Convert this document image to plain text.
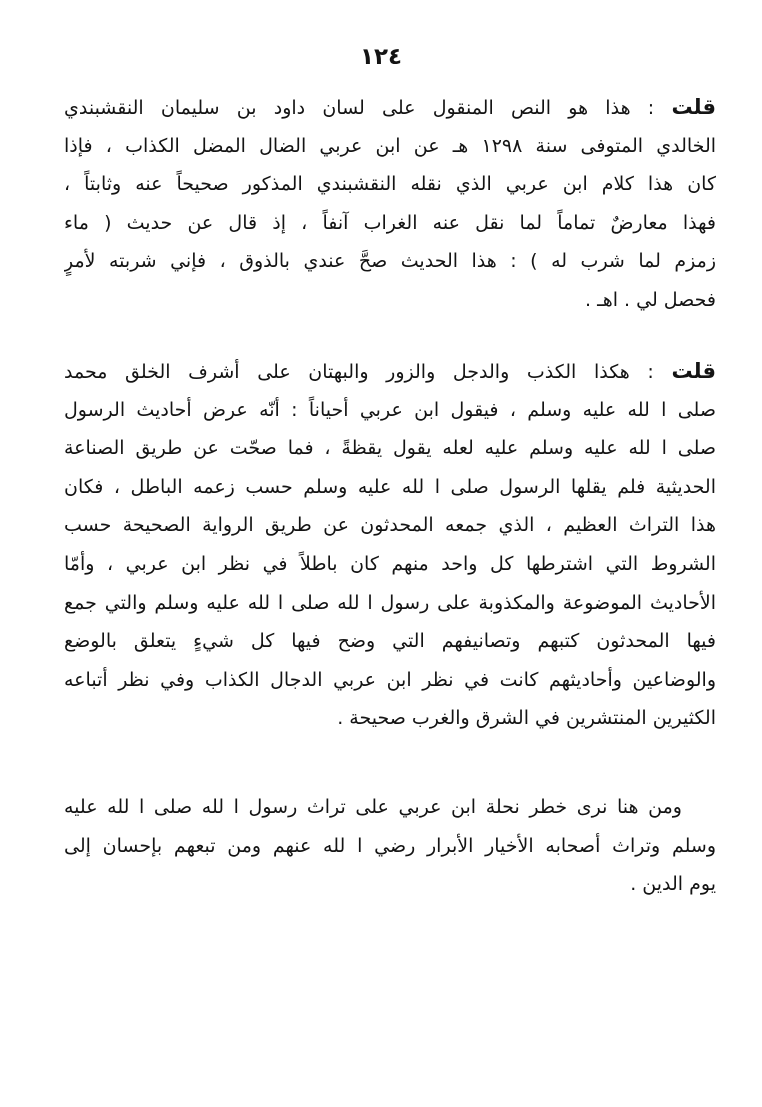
١٢٤
قلت : هذا هو النص المنقول على لسان داود بن سليمان النقشبندي
الخالدي المتوفى سنة ١٢٩٨ هـ عن ابن عربي الضال المضل الكذاب ، فإذا
كان هذا كلام ابن عربي الذي نقله النقشبندي المذكور صحيحاً عنه وثابتاً ،
فهذا معارضٌ تماماً لما نقل عنه الغراب آنفاً ، إذ قال عن حديث ( ماء
زمزم لما شرب له ) : هذا الحديث صحَّ عندي بالذوق ، فإني شربته لأمرٍ
فحصل لي . اهـ .
قلت : هكذا الكذب والدجل والزور والبهتان على أشرف الخلق محمد
صلى ا لله عليه وسلم ، فيقول ابن عربي أحياناً : أنّه عرض أحاديث الرسول
صلى ا لله عليه وسلم عليه لعله يقول يقظةً ، فما صحّت عن طريق الصناعة
الحديثية فلم يقلها الرسول صلى ا لله عليه وسلم حسب زعمه الباطل ، فكان
هذا التراث العظيم ، الذي جمعه المحدثون عن طريق الرواية الصحيحة حسب
الشروط التي اشترطها كل واحد منهم كان باطلاً في نظر ابن عربي ، وأمّا
الأحاديث الموضوعة والمكذوبة على رسول ا لله صلى ا لله عليه وسلم والتي جمع
فيها المحدثون كتبهم وتصانيفهم التي وضح فيها كل شيءٍ يتعلق بالوضع
والوضاعين وأحاديثهم كانت في نظر ابن عربي الدجال الكذاب وفي نظر أتباعه
الكثيرين المنتشرين في الشرق والغرب صحيحة .
ومن هنا نرى خطر نحلة ابن عربي على تراث رسول ا لله صلى ا لله عليه
وسلم وتراث أصحابه الأخيار الأبرار رضي ا لله عنهم ومن تبعهم بإحسان إلى
يوم الدين .
